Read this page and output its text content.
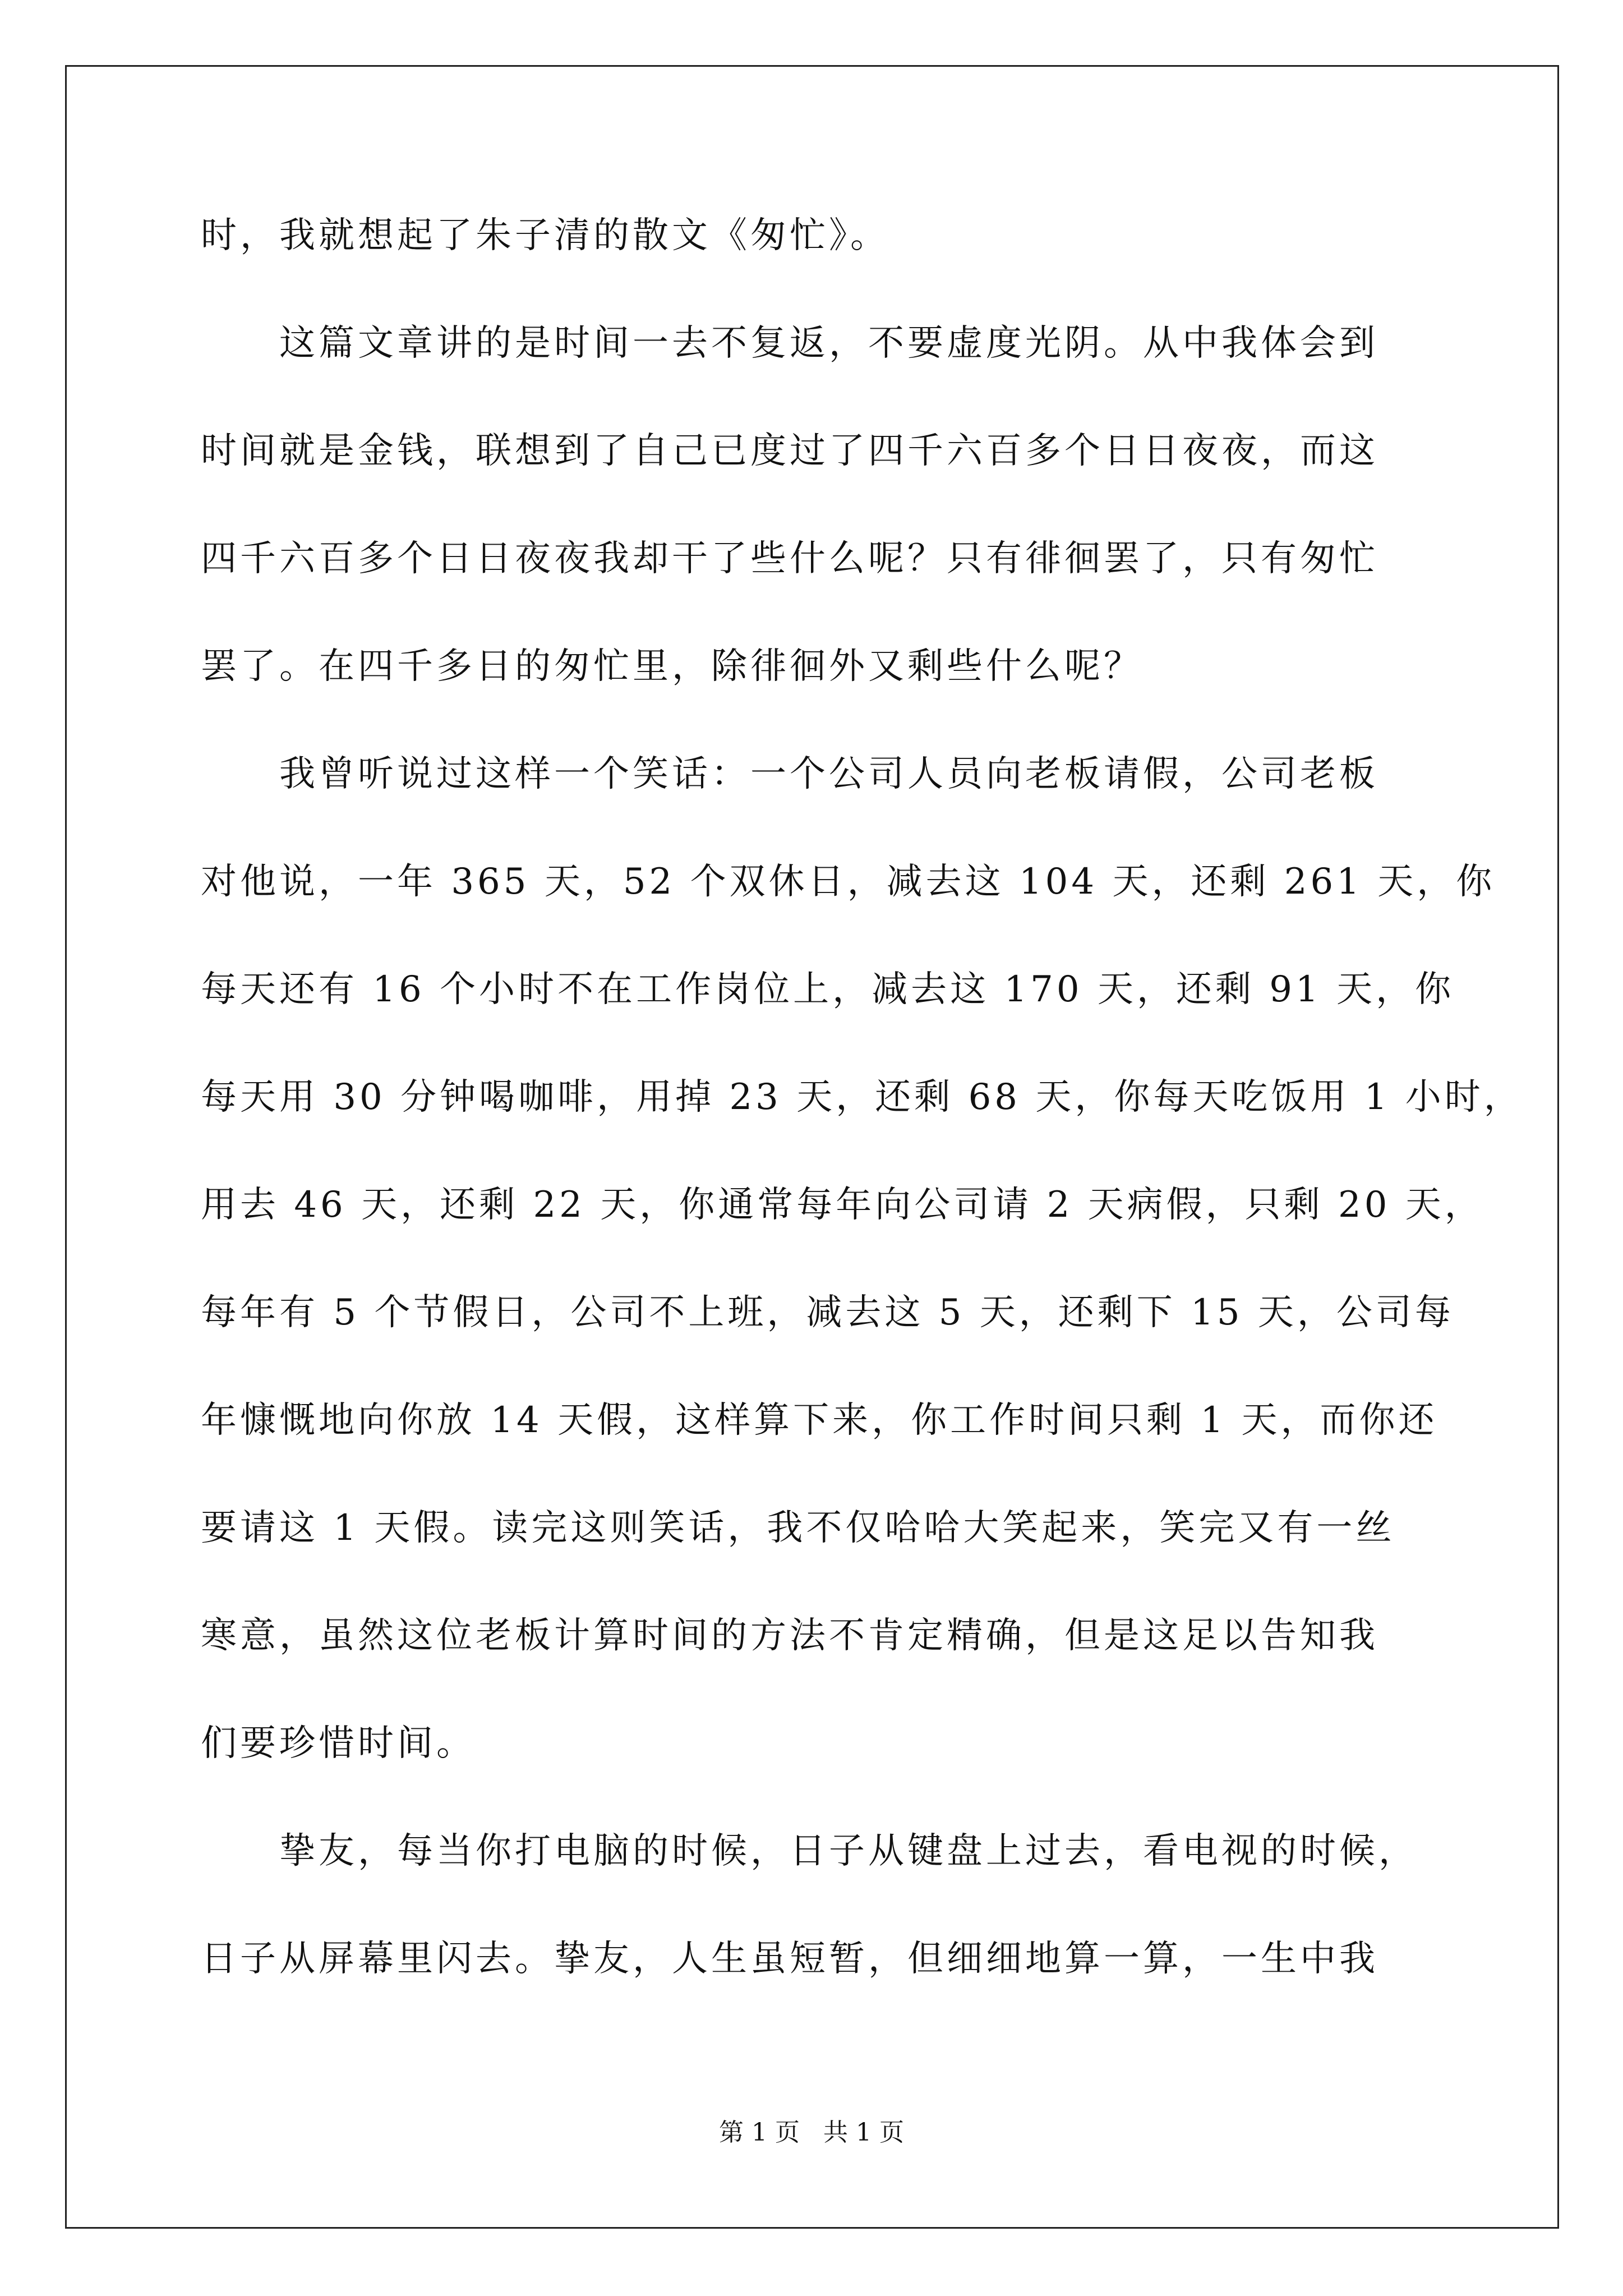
时，我就想起了朱子清的散文《匆忙》。
　　这篇文章讲的是时间一去不复返，不要虚度光阴。从中我体会到
时间就是金钱，联想到了自己已度过了四千六百多个日日夜夜，而这
四千六百多个日日夜夜我却干了些什么呢？只有徘徊罢了，只有匆忙
罢了。在四千多日的匆忙里，除徘徊外又剩些什么呢？
　　我曾听说过这样一个笑话：一个公司人员向老板请假，公司老板
对他说，一年 365 天，52 个双休日，减去这 104 天，还剩 261 天，你
每天还有 16 个小时不在工作岗位上，减去这 170 天，还剩 91 天，你
每天用 30 分钟喝咖啡，用掉 23 天，还剩 68 天，你每天吃饭用 1 小时，
用去 46 天，还剩 22 天，你通常每年向公司请 2 天病假，只剩 20 天，
每年有 5 个节假日，公司不上班，减去这 5 天，还剩下 15 天，公司每
年慷慨地向你放 14 天假，这样算下来，你工作时间只剩 1 天，而你还
要请这 1 天假。读完这则笑话，我不仅哈哈大笑起来，笑完又有一丝
寒意，虽然这位老板计算时间的方法不肯定精确，但是这足以告知我
们要珍惜时间。
　　挚友，每当你打电脑的时候，日子从键盘上过去，看电视的时候，
日子从屏幕里闪去。挚友，人生虽短暂，但细细地算一算，一生中我
第 1 页 共 1 页
